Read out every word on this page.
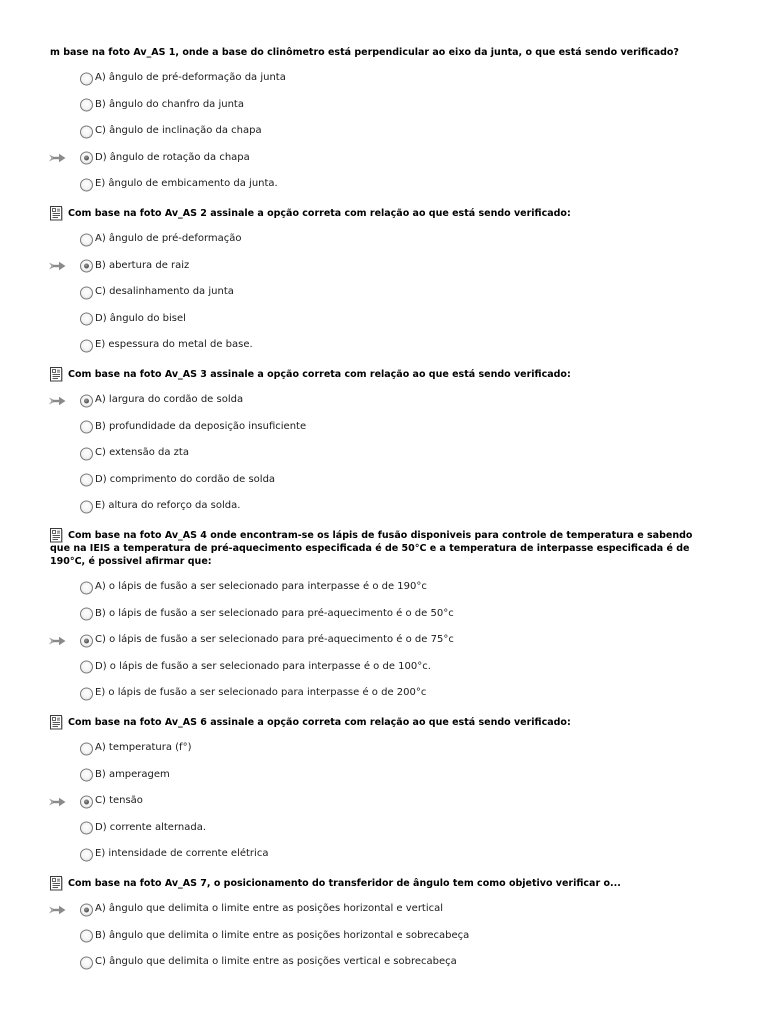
m base na foto Av_AS 1, onde a base do clinômetro está perpendicular ao eixo da junta, o que está sendo verificado?
A) ângulo de pré-deformação da junta
B) ângulo do chanfro da junta
C) ângulo de inclinação da chapa
D) ângulo de rotação da chapa
E) ângulo de embicamento da junta.
Com base na foto Av_AS 2 assinale a opção correta com relação ao que está sendo verificado:
A) ângulo de pré-deformação
B) abertura de raiz
C) desalinhamento da junta
D) ângulo do bisel
E) espessura do metal de base.
Com base na foto Av_AS 3 assinale a opção correta com relação ao que está sendo verificado:
A) largura do cordão de solda
B) profundidade da deposição insuficiente
C) extensão da zta
D) comprimento do cordão de solda
E) altura do reforço da solda.
Com base na foto Av_AS 4 onde encontram-se os lápis de fusão disponiveis para controle de temperatura e sabendo que na IEIS a temperatura de pré-aquecimento especificada é de 50°C e a temperatura de interpasse especificada é de 190°C, é possivel afirmar que:
A) o lápis de fusão a ser selecionado para interpasse é o de 190°c
B) o lápis de fusão a ser selecionado para pré-aquecimento é o de 50°c
C) o lápis de fusão a ser selecionado para pré-aquecimento é o de 75°c
D) o lápis de fusão a ser selecionado para interpasse é o de 100°c.
E) o lápis de fusão a ser selecionado para interpasse é o de 200°c
Com base na foto Av_AS 6 assinale a opção correta com relação ao que está sendo verificado:
A) temperatura (f°)
B) amperagem
C) tensão
D) corrente alternada.
E) intensidade de corrente elétrica
Com base na foto Av_AS 7, o posicionamento do transferidor de ângulo tem como objetivo verificar o...
A) ângulo que delimita o limite entre as posições horizontal e vertical
B) ângulo que delimita o limite entre as posições horizontal e sobrecabeça
C) ângulo que delimita o limite entre as posições vertical e sobrecabeça
